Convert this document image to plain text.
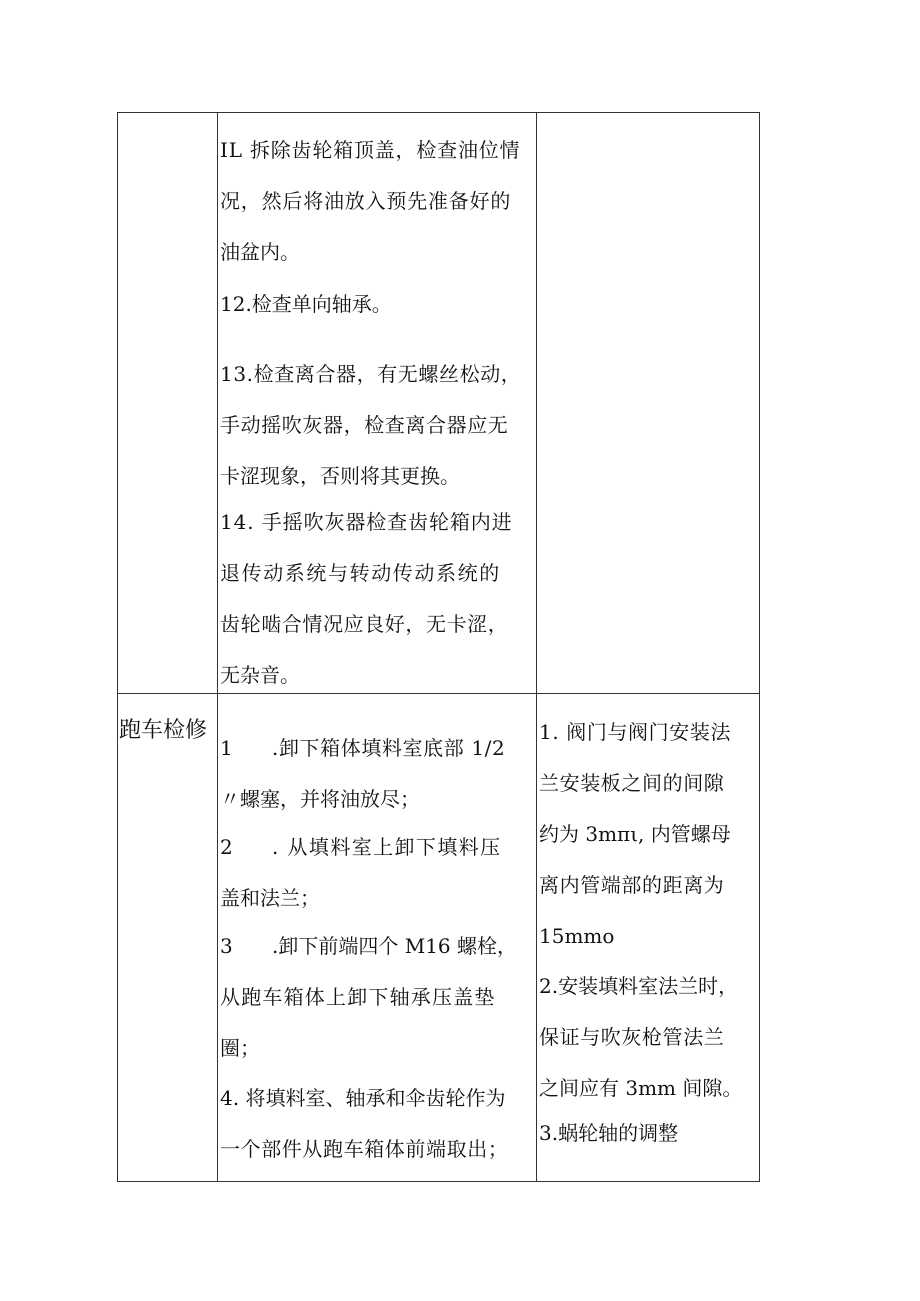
IL 拆除齿轮箱顶盖，检查油位情
况，然后将油放入预先准备好的
油盆内。
12.检查单向轴承。
13.检查离合器，有无螺丝松动，
手动摇吹灰器，检查离合器应无
卡涩现象，否则将其更换。
14. 手摇吹灰器检查齿轮箱内进
退传动系统与转动传动系统的
齿轮啮合情况应良好，无卡涩，
无杂音。
跑车检修
1 .卸下箱体填料室底部 1/2
〃螺塞，并将油放尽；
2 . 从填料室上卸下填料压
盖和法兰；
3 .卸下前端四个 M16 螺栓，
从跑车箱体上卸下轴承压盖垫
圈；
4. 将填料室、轴承和伞齿轮作为
一个部件从跑车箱体前端取出；
1. 阀门与阀门安装法
兰安装板之间的间隙
约为 3mπι, 内管螺母
离内管端部的距离为
15mmo
2.安装填料室法兰时，
保证与吹灰枪管法兰
之间应有 3mm 间隙。
3.蜗轮轴的调整
